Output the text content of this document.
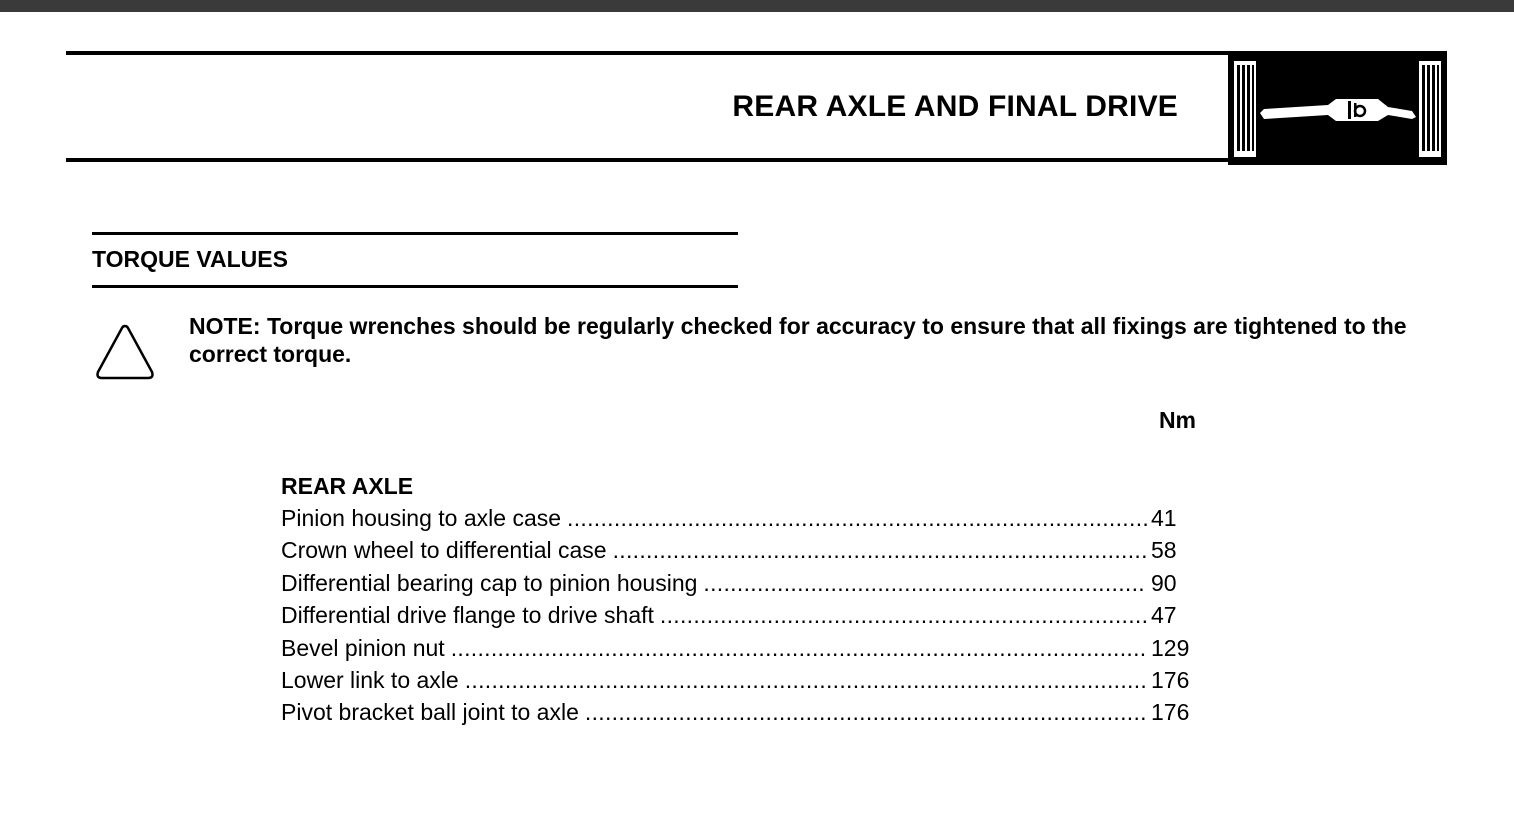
REAR AXLE AND FINAL DRIVE
TORQUE VALUES
NOTE: Torque wrenches should be regularly checked for accuracy to ensure that all fixings are tightened to the correct torque.
Nm
REAR AXLE
Pinion housing to axle case .....	41
Crown wheel to differential case .....	58
Differential bearing cap to pinion housing .....	90
Differential drive flange to drive shaft .....	47
Bevel pinion nut .....	129
Lower link to axle .....	176
Pivot bracket ball joint to axle .....	176
